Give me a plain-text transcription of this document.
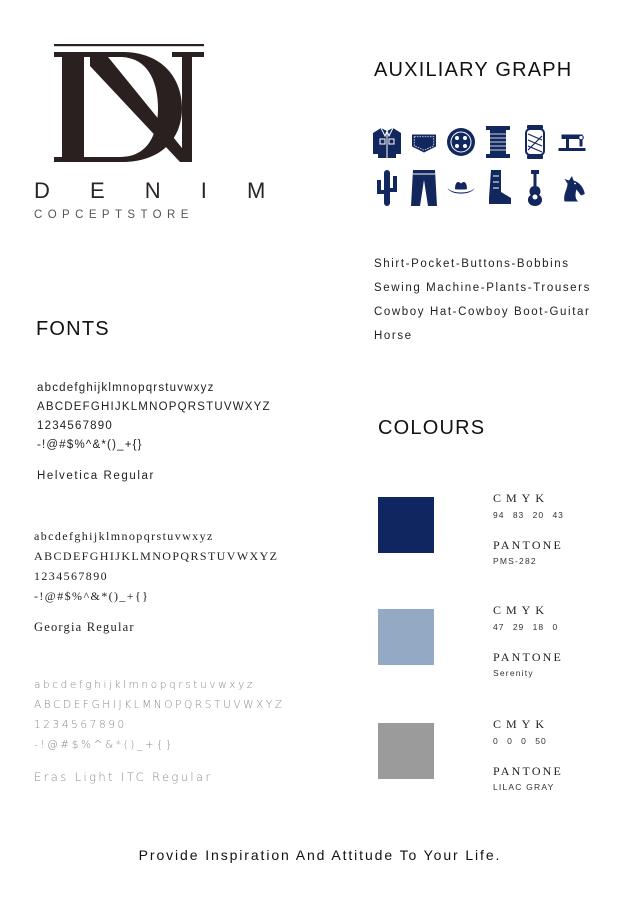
D E N I M
COPCEPTSTORE
AUXILIARY GRAPH
Shirt-Pocket-Buttons-Bobbins
Sewing Machine-Plants-Trousers
Cowboy Hat-Cowboy Boot-Guitar
Horse
FONTS
abcdefghijklmnopqrstuvwxyz
ABCDEFGHIJKLMNOPQRSTUVWXYZ
1234567890
-!@#$%^&*()_+{}
Helvetica Regular
abcdefghijklmnopqrstuvwxyz
ABCDEFGHIJKLMNOPQRSTUVWXYZ
1234567890
-!@#$%^&*()_+{}
Georgia Regular
abcdefghijklmnopqrstuvwxyz
ABCDEFGHIJKLMNOPQRSTUVWXYZ
1234567890
-!@#$%^&*()_+{}
Eras Light ITC Regular
COLOURS
CMYK
94 83 20 43
PANTONE
PMS-282
CMYK
47 29 18 0
PANTONE
Serenity
CMYK
0 0 0 50
PANTONE
LILAC GRAY
Provide Inspiration And Attitude To Your Life.
